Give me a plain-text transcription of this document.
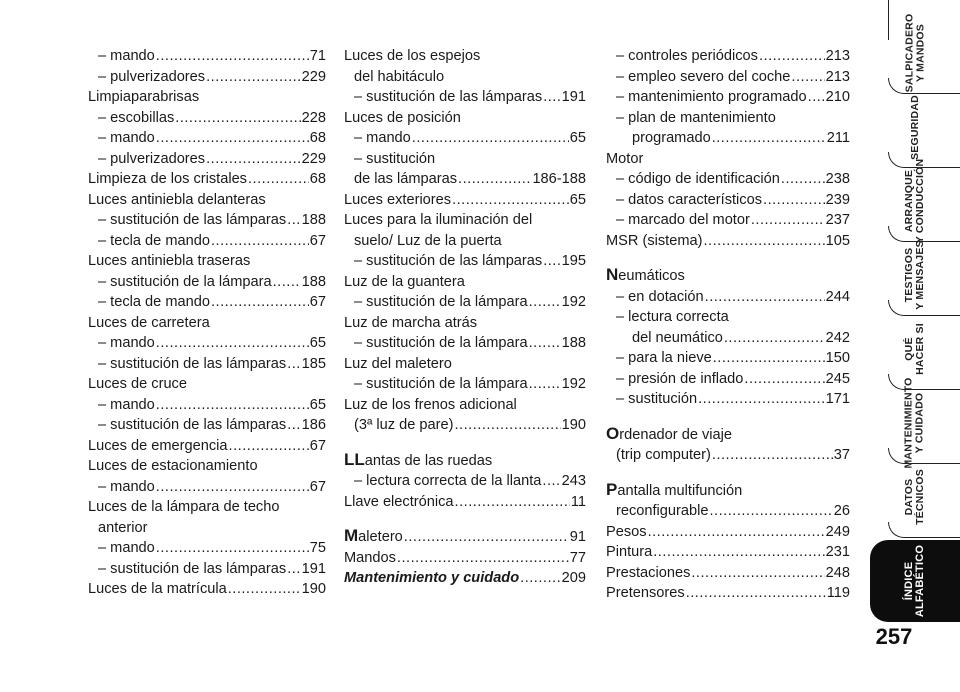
– mando .....	71
– pulverizadores .....	229
Limpiaparabrisas
– escobillas .....	228
– mando .....	68
– pulverizadores .....	229
Limpieza de los cristales .....	68
Luces antiniebla delanteras
– sustitución de las lámparas ..... 188
– tecla de mando .....	67
Luces antiniebla traseras
– sustitución de la lámpara ..... 188
– tecla de mando .....	67
Luces de carretera
– mando .....	65
– sustitución de las lámparas ..... 185
Luces de cruce
– mando .....	65
– sustitución de las lámparas ..... 186
Luces de emergencia .....	67
Luces de estacionamiento
– mando .....	67
Luces de la lámpara de techo
anterior
– mando .....	75
– sustitución de las lámparas ..... 191
Luces de la matrícula .....	190
Luces de los espejos
del habitáculo
– sustitución de las lámparas ..... 191
Luces de posición
– mando .....	65
– sustitución
de las lámparas .....	186-188
Luces exteriores .....	65
Luces para la iluminación del
suelo/ Luz de la puerta
– sustitución de las lámparas ..... 195
Luz de la guantera
– sustitución de la lámpara ..... 192
Luz de marcha atrás
– sustitución de la lámpara ..... 188
Luz del maletero
– sustitución de la lámpara ..... 192
Luz de los frenos adicional
(3ª luz de pare) .....	190
LLantas de las ruedas
– lectura correcta de la llanta ..... 243
Llave electrónica .....	11
Maletero .....	91
Mandos .....	77
Mantenimiento y cuidado .....	209
– controles periódicos .....	213
– empleo severo del coche ..... 213
– mantenimiento programado ..... 210
– plan de mantenimiento
programado .....	211
Motor
– código de identificación .....	238
– datos característicos .....	239
– marcado del motor .....	237
MSR (sistema) .....	105
Neumáticos
– en dotación .....	244
– lectura correcta
del neumático .....	242
– para la nieve .....	150
– presión de inflado .....	245
– sustitución .....	171
Ordenador de viaje
(trip computer) .....	37
Pantalla multifunción
reconfigurable .....	26
Pesos .....	249
Pintura .....	231
Prestaciones .....	248
Pretensores .....	119
SALPICADERO
Y MANDOS
SEGURIDAD
ARRANQUE
Y CONDUCCIÓN
TESTIGOS
Y MENSAJES
QUÉ
HACER SI
MANTENIMIENTO
Y CUIDADO
DATOS
TÉCNICOS
ÍNDICE
ALFABÉTICO
257
